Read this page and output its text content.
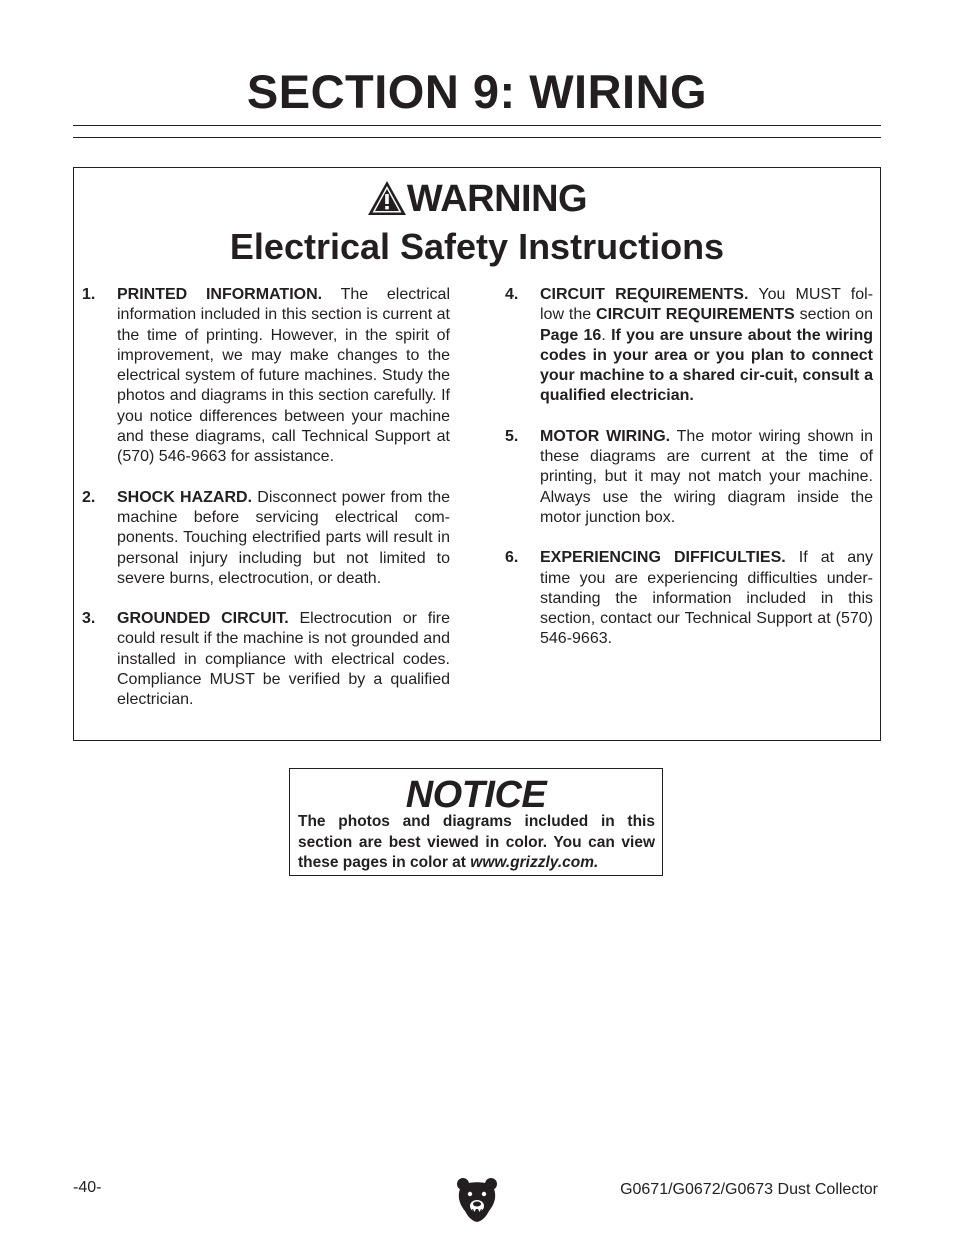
SECTION 9: WIRING
WARNING
Electrical Safety Instructions
1. PRINTED INFORMATION. The electrical information included in this section is current at the time of printing. However, in the spirit of improvement, we may make changes to the electrical system of future machines. Study the photos and diagrams in this section carefully. If you notice differences between your machine and these diagrams, call Technical Support at (570) 546-9663 for assistance.
2. SHOCK HAZARD. Disconnect power from the machine before servicing electrical com-ponents. Touching electrified parts will result in personal injury including but not limited to severe burns, electrocution, or death.
3. GROUNDED CIRCUIT. Electrocution or fire could result if the machine is not grounded and installed in compliance with electrical codes. Compliance MUST be verified by a qualified electrician.
4. CIRCUIT REQUIREMENTS. You MUST fol-low the CIRCUIT REQUIREMENTS section on Page 16. If you are unsure about the wiring codes in your area or you plan to connect your machine to a shared cir-cuit, consult a qualified electrician.
5. MOTOR WIRING. The motor wiring shown in these diagrams are current at the time of printing, but it may not match your machine. Always use the wiring diagram inside the motor junction box.
6. EXPERIENCING DIFFICULTIES. If at any time you are experiencing difficulties under-standing the information included in this section, contact our Technical Support at (570) 546-9663.
NOTICE
The photos and diagrams included in this
section are best viewed in color. You can view
these pages in color at www.grizzly.com.
-40-	G0671/G0672/G0673 Dust Collector
